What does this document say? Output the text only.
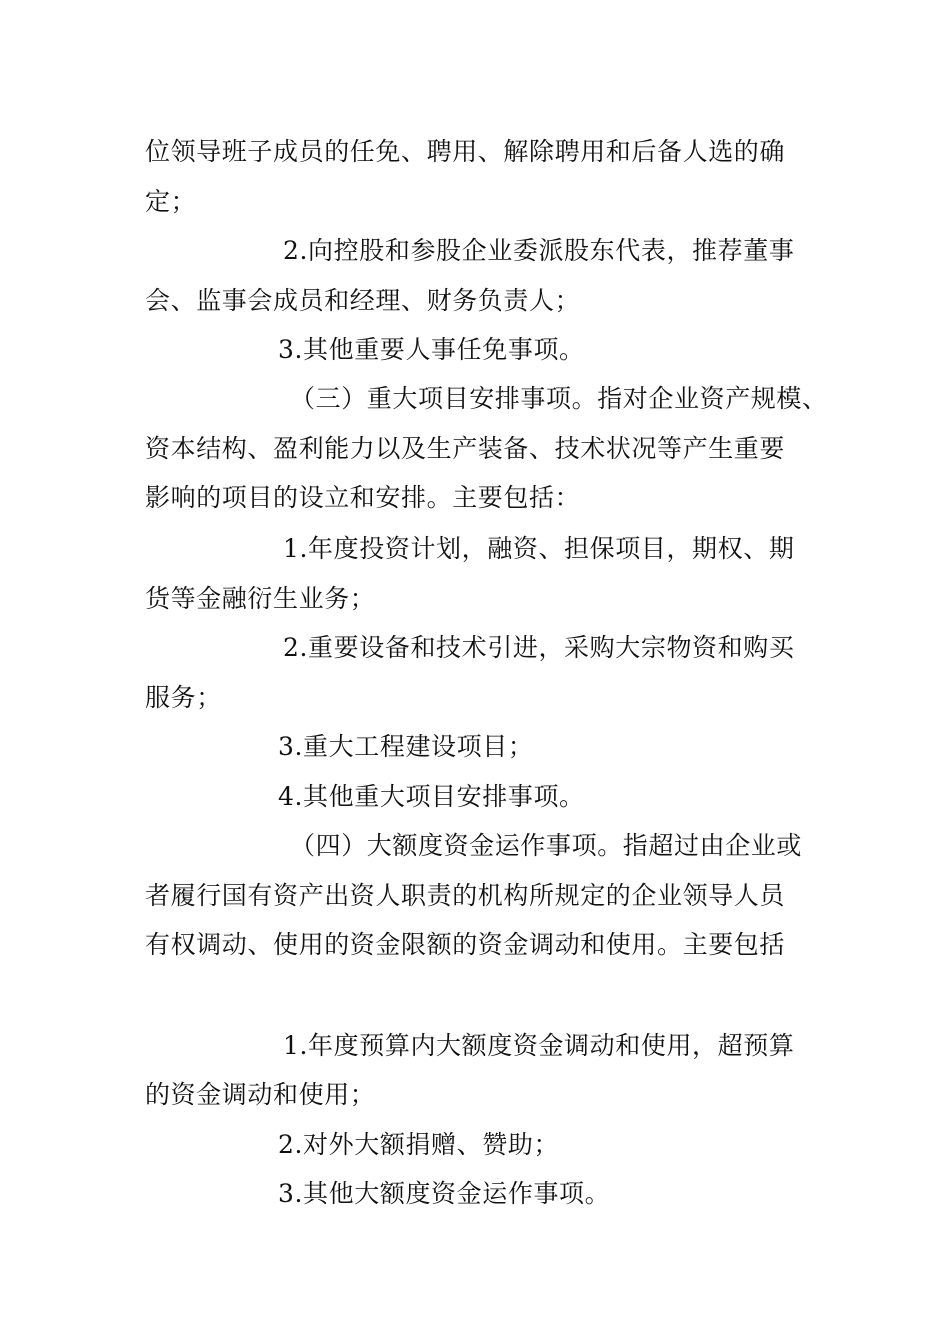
位领导班子成员的任免、聘用、解除聘用和后备人选的确
定；
2.向控股和参股企业委派股东代表，推荐董事
会、监事会成员和经理、财务负责人；
3.其他重要人事任免事项。
（三）重大项目安排事项。指对企业资产规模、
资本结构、盈利能力以及生产装备、技术状况等产生重要
影响的项目的设立和安排。主要包括：
1.年度投资计划，融资、担保项目，期权、期
货等金融衍生业务；
2.重要设备和技术引进，采购大宗物资和购买
服务；
3.重大工程建设项目；
4.其他重大项目安排事项。
（四）大额度资金运作事项。指超过由企业或
者履行国有资产出资人职责的机构所规定的企业领导人员
有权调动、使用的资金限额的资金调动和使用。主要包括
1.年度预算内大额度资金调动和使用，超预算
的资金调动和使用；
2.对外大额捐赠、赞助；
3.其他大额度资金运作事项。
